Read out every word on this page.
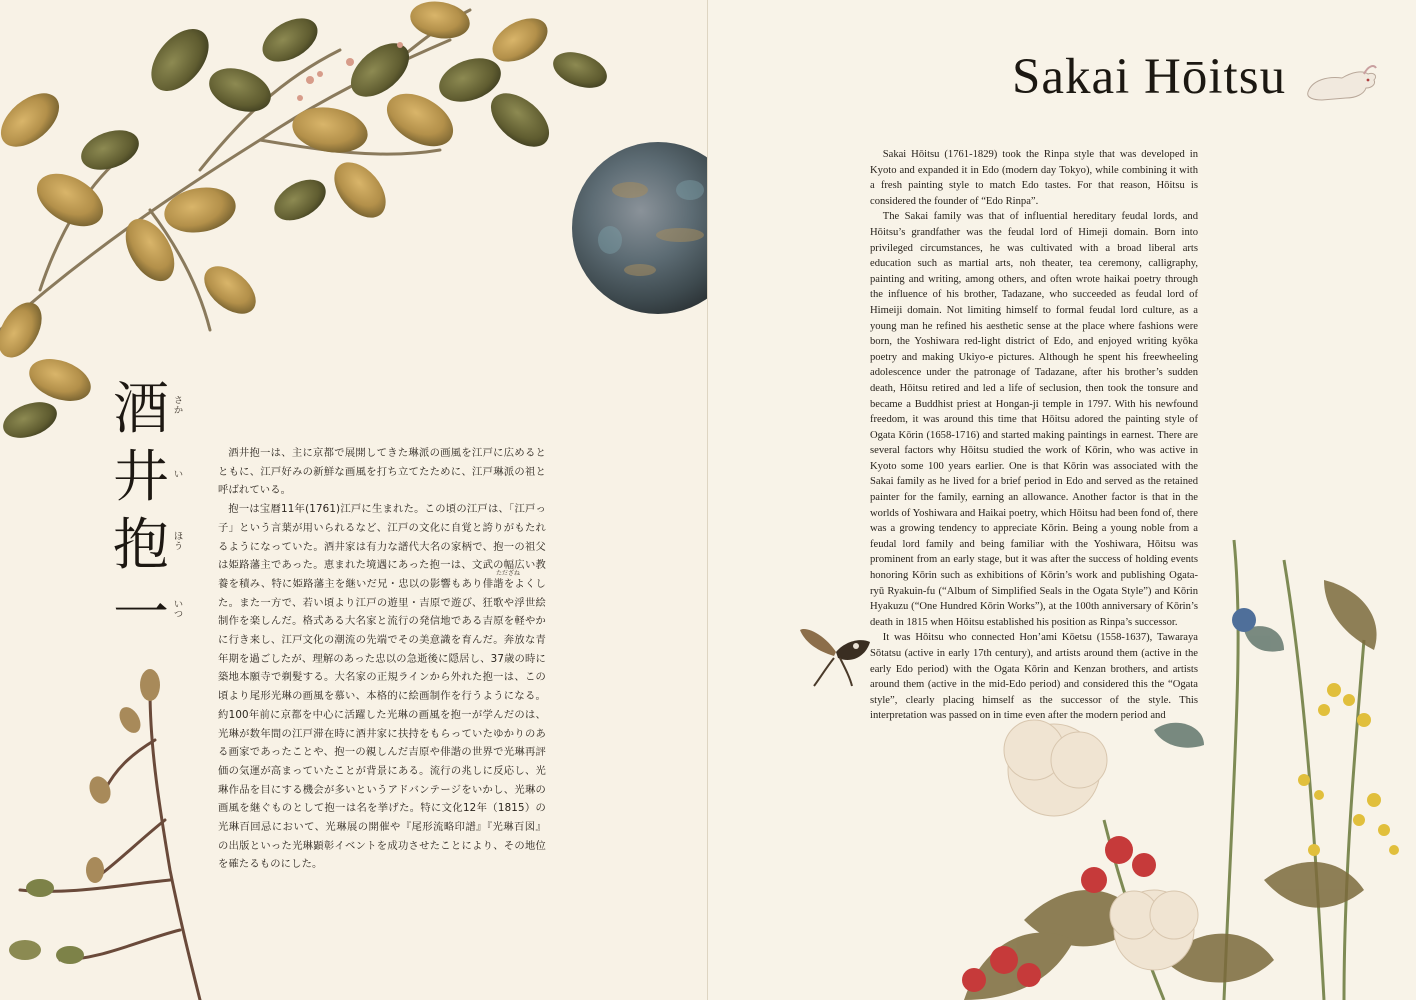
酒
井
抱
一
さか
い
ほう
いつ

酒井抱一は、主に京都で展開してきた琳派の画風を江戸に広めるとともに、江戸好みの新鮮な画風を打ち立てたために、江戸琳派の祖と呼ばれている。

抱一は宝暦11年(1761)江戸に生まれた。この頃の江戸は、「江戸っ子」という言葉が用いられるなど、江戸の文化に自覚と誇りがもたれるようになっていた。酒井家は有力な譜代大名の家柄で、抱一の祖父は姫路藩主であった。恵まれた境遇にあった抱一は、文武の幅広い教養を積み、特に姫路藩主を継いだ兄・忠以の影響もあり俳諧をよくした。また一方で、若い頃より江戸の遊里・吉原で遊び、狂歌や浮世絵制作を楽しんだ。格式ある大名家と流行の発信地である吉原を軽やかに行き来し、江戸文化の潮流の先端でその美意識を育んだ。奔放な青年期を過ごしたが、理解のあった忠以の急逝後に隠居し、37歳の時に築地本願寺で剃髪する。大名家の正規ラインから外れた抱一は、この頃より尾形光琳の画風を慕い、本格的に絵画制作を行うようになる。約100年前に京都を中心に活躍した光琳の画風を抱一が学んだのは、光琳が数年間の江戸滞在時に酒井家に扶持をもらっていたゆかりのある画家であったことや、抱一の親しんだ吉原や俳諧の世界で光琳再評価の気運が高まっていたことが背景にある。流行の兆しに反応し、光琳作品を目にする機会が多いというアドバンテージをいかし、光琳の画風を継ぐものとして抱一は名を挙げた。特に文化12年（1815）の光琳百回忌において、光琳展の開催や『尾形流略印譜』『光琳百図』の出版といった光琳顕彰イベントを成功させたことにより、その地位を確たるものにした。

ただざね
Sakai Hōitsu

Sakai Hōitsu (1761-1829) took the Rinpa style that was developed in Kyoto and expanded it in Edo (modern day Tokyo), while combining it with a fresh painting style to match Edo tastes. For that reason, Hōitsu is considered the founder of “Edo Rinpa”.

The Sakai family was that of influential hereditary feudal lords, and Hōitsu’s grandfather was the feudal lord of Himeji domain. Born into privileged circumstances, he was cultivated with a broad liberal arts education such as martial arts, noh theater, tea ceremony, calligraphy, painting and writing, among others, and often wrote haikai poetry through the influence of his brother, Tadazane, who succeeded as feudal lord of Himeiji domain. Not limiting himself to formal feudal lord culture, as a young man he refined his aesthetic sense at the place where fashions were born, the Yoshiwara red-light district of Edo, and enjoyed writing kyōka poetry and making Ukiyo-e pictures. Although he spent his freewheeling adolescence under the patronage of Tadazane, after his brother’s sudden death, Hōitsu retired and led a life of seclusion, then took the tonsure and became a Buddhist priest at Hongan-ji temple in 1797. With his newfound freedom, it was around this time that Hōitsu adored the painting style of Ogata Kōrin (1658-1716) and started making paintings in earnest. There are several factors why Hōitsu studied the work of Kōrin, who was active in Kyoto some 100 years earlier. One is that Kōrin was associated with the Sakai family as he lived for a brief period in Edo and served as the retained painter for the family, earning an allowance. Another factor is that in the worlds of Yoshiwara and Haikai poetry, which Hōitsu had been fond of, there was a growing tendency to appreciate Kōrin. Being a young noble from a feudal lord family and being familiar with the Yoshiwara, Hōitsu was prominent from an early stage, but it was after the success of holding events honoring Kōrin such as exhibitions of Kōrin’s work and publishing Ogata-ryū Ryakuin-fu (“Album of Simplified Seals in the Ogata Style”) and Kōrin Hyakuzu (“One Hundred Kōrin Works”), at the 100th anniversary of Kōrin’s death in 1815 when Hōitsu established his position as Rinpa’s successor.

It was Hōitsu who connected Hon’ami Kōetsu (1558-1637), Tawaraya Sōtatsu (active in early 17th century), and artists around them (active in the early Edo period) with the Ogata Kōrin and Kenzan brothers, and artists around them (active in the mid-Edo period) and considered this the “Ogata style”, clearly placing himself as the successor of the style. This interpretation was passed on in time even after the modern period and
